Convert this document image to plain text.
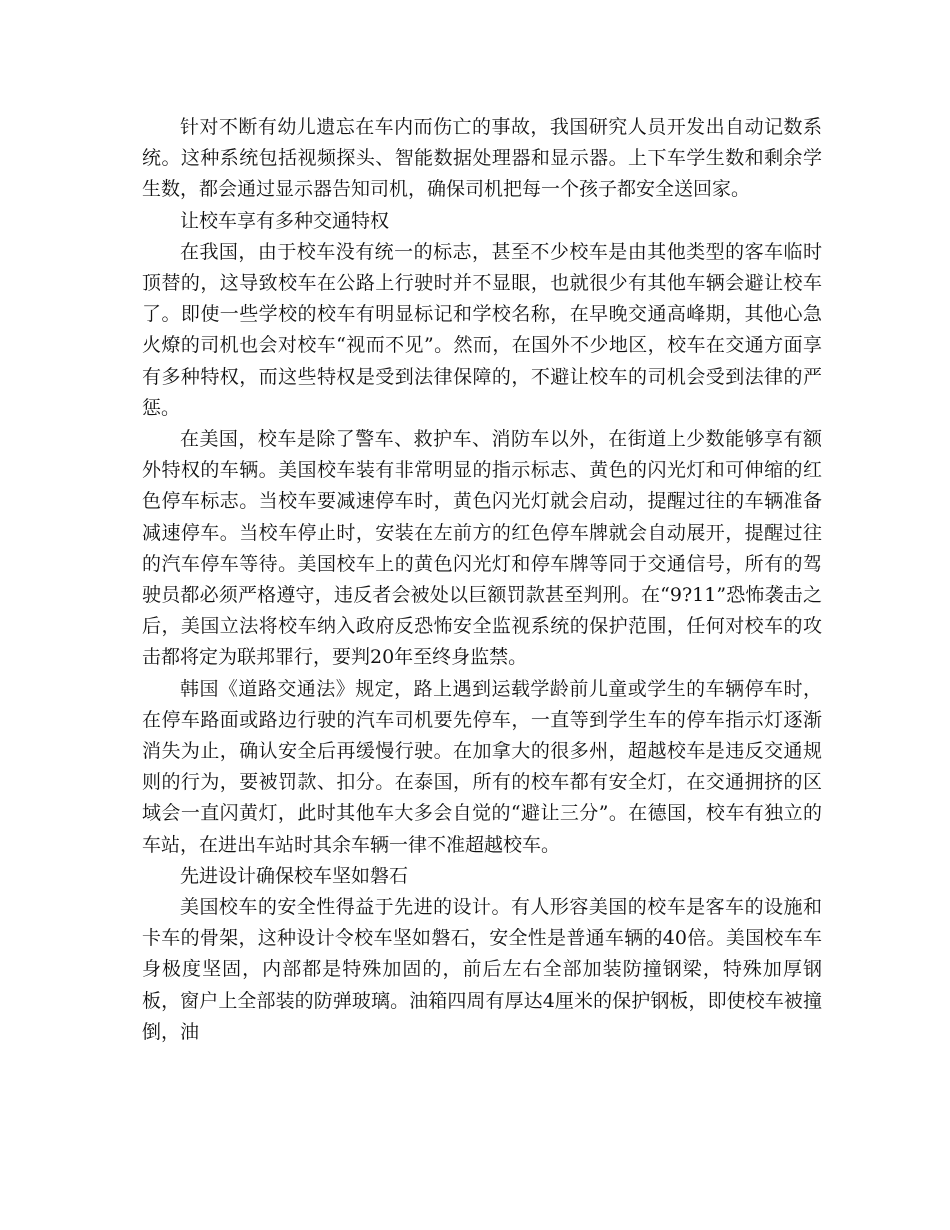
针对不断有幼儿遗忘在车内而伤亡的事故，我国研究人员开发出自动记数系统。这种系统包括视频探头、智能数据处理器和显示器。上下车学生数和剩余学生数，都会通过显示器告知司机，确保司机把每一个孩子都安全送回家。

让校车享有多种交通特权

在我国，由于校车没有统一的标志，甚至不少校车是由其他类型的客车临时顶替的，这导致校车在公路上行驶时并不显眼，也就很少有其他车辆会避让校车了。即使一些学校的校车有明显标记和学校名称，在早晚交通高峰期，其他心急火燎的司机也会对校车“视而不见”。然而，在国外不少地区，校车在交通方面享有多种特权，而这些特权是受到法律保障的，不避让校车的司机会受到法律的严惩。

在美国，校车是除了警车、救护车、消防车以外，在街道上少数能够享有额外特权的车辆。美国校车装有非常明显的指示标志、黄色的闪光灯和可伸缩的红色停车标志。当校车要减速停车时，黄色闪光灯就会启动，提醒过往的车辆准备减速停车。当校车停止时，安装在左前方的红色停车牌就会自动展开，提醒过往的汽车停车等待。美国校车上的黄色闪光灯和停车牌等同于交通信号，所有的驾驶员都必须严格遵守，违反者会被处以巨额罚款甚至判刑。在“9?11”恐怖袭击之后，美国立法将校车纳入政府反恐怖安全监视系统的保护范围，任何对校车的攻击都将定为联邦罪行，要判20年至终身监禁。

韩国《道路交通法》规定，路上遇到运载学龄前儿童或学生的车辆停车时，在停车路面或路边行驶的汽车司机要先停车，一直等到学生车的停车指示灯逐渐消失为止，确认安全后再缓慢行驶。在加拿大的很多州，超越校车是违反交通规则的行为，要被罚款、扣分。在泰国，所有的校车都有安全灯，在交通拥挤的区域会一直闪黄灯，此时其他车大多会自觉的“避让三分”。在德国，校车有独立的车站，在进出车站时其余车辆一律不准超越校车。

先进设计确保校车坚如磐石

美国校车的安全性得益于先进的设计。有人形容美国的校车是客车的设施和卡车的骨架，这种设计令校车坚如磐石，安全性是普通车辆的40倍。美国校车车身极度坚固，内部都是特殊加固的，前后左右全部加装防撞钢梁，特殊加厚钢板，窗户上全部装的防弹玻璃。油箱四周有厚达4厘米的保护钢板，即使校车被撞倒，油
